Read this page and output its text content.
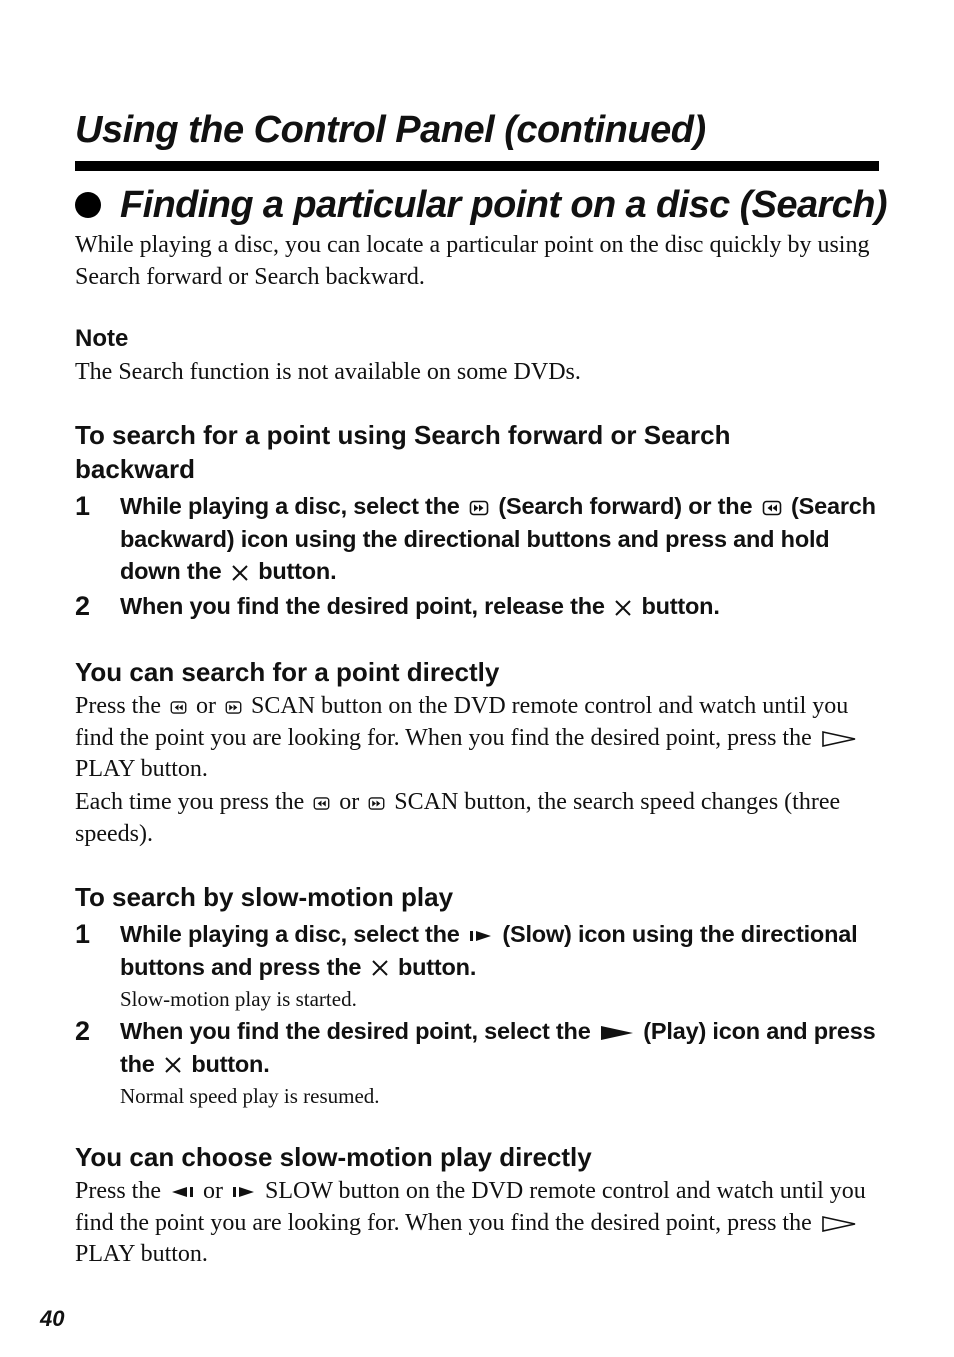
Using the Control Panel (continued)
Finding a particular point on a disc (Search)

While playing a disc, you can locate a particular point on the disc quickly by using Search forward or Search backward.

Note

The Search function is not available on some DVDs.

To search for a point using Search forward or Search backward
1 While playing a disc, select the (Search forward) or the (Search backward) icon using the directional buttons and press and hold down the button.

2 When you find the desired point, release the button.

You can search for a point directly

Press the or SCAN button on the DVD remote control and watch until you find the point you are looking for. When you find the desired point, press the
PLAY button.

Each time you press the or SCAN button, the search speed changes (three speeds).

To search by slow-motion play
1 While playing a disc, select the (Slow) icon using the directional buttons and press the button.

Slow-motion play is started.

2 When you find the desired point, select the (Play) icon and press the button.

Normal speed play is resumed.

You can choose slow-motion play directly

Press the or SLOW button on the DVD remote control and watch until you find the point you are looking for. When you find the desired point, press the
PLAY button.

40
